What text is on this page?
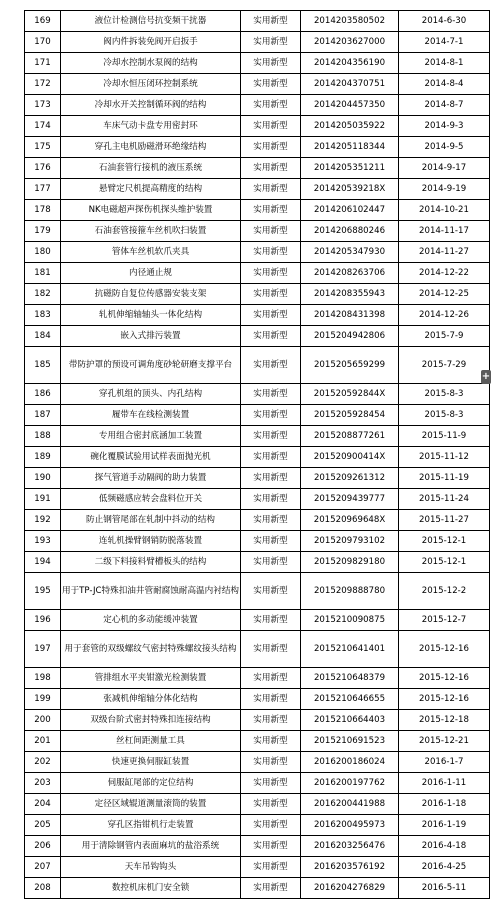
169	液位计检测信号抗变频干扰器	实用新型	2014203580502	2014-6-30
170	阀内件拆装免阀开启扳手	实用新型	2014203627000	2014-7-1
171	冷却水控制水泵阀的结构	实用新型	2014204356190	2014-8-1
172	冷却水恒压闭环控制系统	实用新型	2014204370751	2014-8-4
173	冷却水开关控制循环阀的结构	实用新型	2014204457350	2014-8-7
174	车床气动卡盘专用密封环	实用新型	2014205035922	2014-9-3
175	穿孔主电机励磁滑环绝缘结构	实用新型	2014205118344	2014-9-5
176	石油套管行接机的液压系统	实用新型	2014205351211	2014-9-17
177	悬臂定尺机提高精度的结构	实用新型	201420539218X	2014-9-19
178	NK电磁超声探伤机探头维护装置	实用新型	2014206102447	2014-10-21
179	石油套管接箍车丝机吹扫装置	实用新型	2014206880246	2014-11-17
180	管体车丝机软爪夹具	实用新型	2014205347930	2014-11-27
181	内径通止规	实用新型	2014208263706	2014-12-22
182	抗磁防自复位传感器安装支架	实用新型	2014208355943	2014-12-25
183	轧机伸缩轴轴头一体化结构	实用新型	2014208431398	2014-12-26
184	嵌入式排污装置	实用新型	2015204942806	2015-7-9
185	带防护罩的预设可调角度砂轮研磨支撑平台	实用新型	2015205659299	2015-7-29
186	穿孔机组的顶头、内孔结构	实用新型	201520592844X	2015-8-3
187	履带车在线检测装置	实用新型	2015205928454	2015-8-3
188	专用组合密封底涵加工装置	实用新型	2015208877261	2015-11-9
189	碗化覆膜试验用试样表面抛光机	实用新型	201520900414X	2015-11-12
190	探气管道手动隔阀的助力装置	实用新型	2015209261312	2015-11-19
191	低频磁感应转会盘料位开关	实用新型	2015209439777	2015-11-24
192	防止钢管尾部在轧制中抖动的结构	实用新型	201520969648X	2015-11-27
193	连轧机操臂钢销防脱落装置	实用新型	2015209793102	2015-12-1
194	二级下料接料臂槽板头的结构	实用新型	2015209829180	2015-12-1
195	用于TP-JC特殊扣油井管耐腐蚀耐高温内衬结构	实用新型	2015209888780	2015-12-2
196	定心机的多动能缓冲装置	实用新型	2015210090875	2015-12-7
197	用于套管的双级螺纹气密封特殊螺纹接头结构	实用新型	2015210641401	2015-12-16
198	管排组水平夹钳激光检测装置	实用新型	2015210648379	2015-12-16
199	张减机伸缩轴分体化结构	实用新型	2015210646655	2015-12-16
200	双级台阶式密封特殊扣连接结构	实用新型	2015210664403	2015-12-18
201	丝杠间距测量工具	实用新型	2015210691523	2015-12-21
202	快速更换伺服缸装置	实用新型	2016200186024	2016-1-7
203	伺服缸尾部的定位结构	实用新型	2016200197762	2016-1-11
204	定径区域辊道测量滚筒的装置	实用新型	2016200441988	2016-1-18
205	穿孔区指钳机行走装置	实用新型	2016200495973	2016-1-19
206	用于清除钢管内表面麻坑的盐浴系统	实用新型	2016203256476	2016-4-18
207	天车吊钩钩头	实用新型	2016203576192	2016-4-25
208	数控机床机门安全锁	实用新型	2016204276829	2016-5-11
+
